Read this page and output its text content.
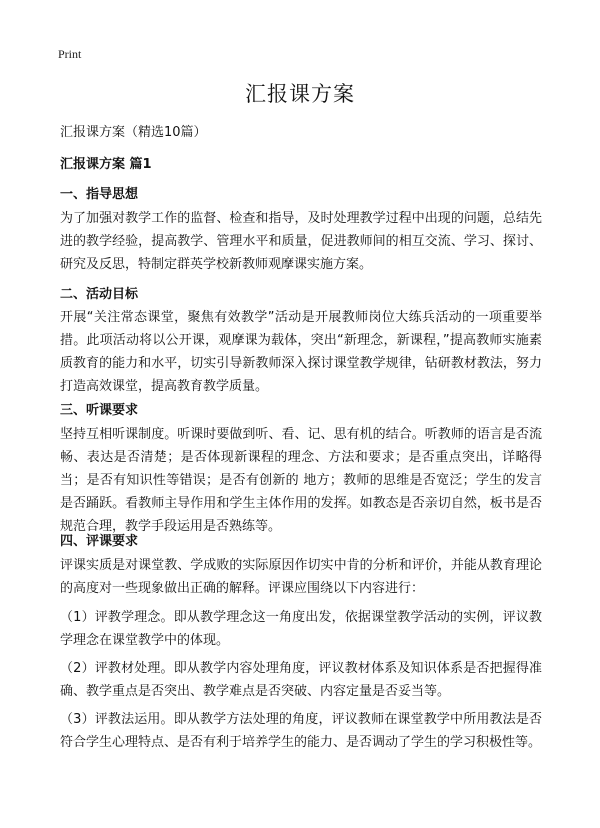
Print
汇报课方案
汇报课方案（精选10篇）
汇报课方案 篇1
一、指导思想
为了加强对教学工作的监督、检查和指导，及时处理教学过程中出现的问题，总结先进的教学经验，提高教学、管理水平和质量，促进教师间的相互交流、学习、探讨、研究及反思，特制定群英学校新教师观摩课实施方案。
二、活动目标
开展“关注常态课堂，聚焦有效教学”活动是开展教师岗位大练兵活动的一项重要举措。此项活动将以公开课，观摩课为载体，突出“新理念，新课程，”提高教师实施素质教育的能力和水平，切实引导新教师深入探讨课堂教学规律，钻研教材教法，努力打造高效课堂，提高教育教学质量。
三、听课要求
坚持互相听课制度。听课时要做到听、看、记、思有机的结合。听教师的语言是否流畅、表达是否清楚；是否体现新课程的理念、方法和要求；是否重点突出，详略得当；是否有知识性等错误；是否有创新的 地方；教师的思维是否宽泛；学生的发言是否踊跃。看教师主导作用和学生主体作用的发挥。如教态是否亲切自然，板书是否规范合理，教学手段运用是否熟练等。
四、评课要求
评课实质是对课堂教、学成败的实际原因作切实中肯的分析和评价，并能从教育理论的高度对一些现象做出正确的解释。评课应围绕以下内容进行：
（1）评教学理念。即从教学理念这一角度出发，依据课堂教学活动的实例，评议教学理念在课堂教学中的体现。
（2）评教材处理。即从教学内容处理角度，评议教材体系及知识体系是否把握得准确、教学重点是否突出、教学难点是否突破、内容定量是否妥当等。
（3）评教法运用。即从教学方法处理的角度，评议教师在课堂教学中所用教法是否符合学生心理特点、是否有利于培养学生的能力、是否调动了学生的学习积极性等。
